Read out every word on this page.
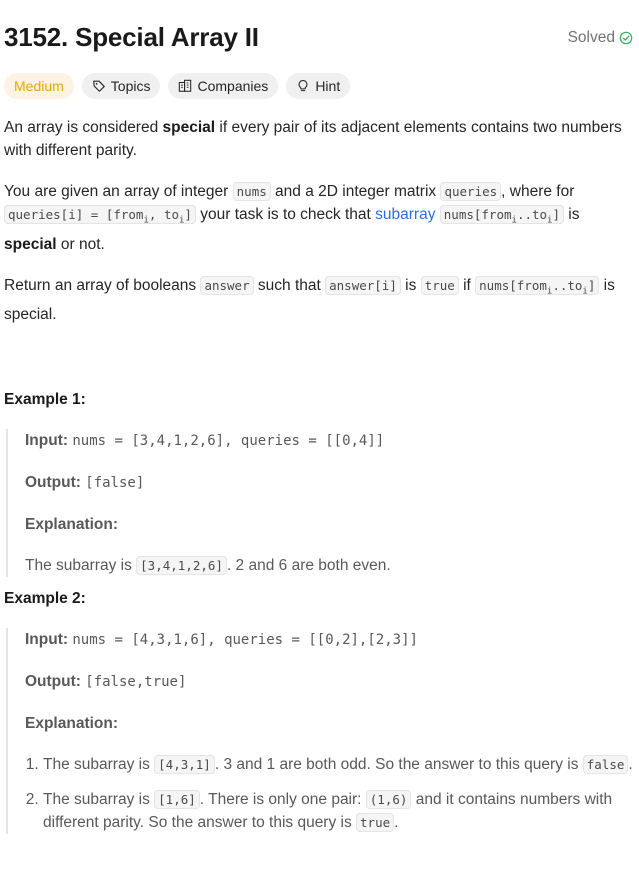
3152. Special Array II	Solved
Medium	Topics	Companies	Hint

An array is considered special if every pair of its adjacent elements contains two numbers with different parity.

You are given an array of integer nums and a 2D integer matrix queries , where for queries[i] = [from$_i$, $to_i$] your task is to check that subarray $nums[from_i..to_i]$ is special or not.

Return an array of booleans answer such that answer[i] is true if $nums[from_i..to_i]$ is special.

Example 1:

Input: nums = [3,4,1,2,6], queries = [[0,4]]

Output: [false]

Explanation:

The subarray is [3,4,1,2,6] . 2 and 6 are both even.

Example 2:

Input: nums = [4,3,1,6], queries = [[0,2],[2,3]]

Output: [false,true]

Explanation:

1. The subarray is [4,3,1] . 3 and 1 are both odd. So the answer to this query is false .
2. The subarray is [1,6] . There is only one pair: (1,6) and it contains numbers with different parity. So the answer to this query is true .
